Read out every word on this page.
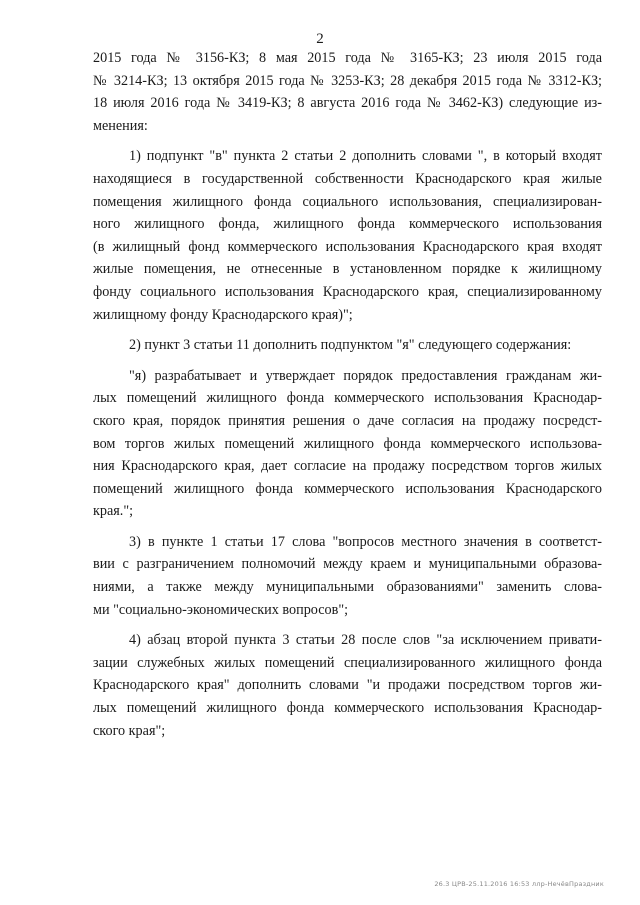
2
2015 года № 3156-КЗ; 8 мая 2015 года № 3165-КЗ; 23 июля 2015 года
№ 3214-КЗ; 13 октября 2015 года № 3253-КЗ; 28 декабря 2015 года № 3312-КЗ;
18 июля 2016 года № 3419-КЗ; 8 августа 2016 года № 3462-КЗ) следующие из-
менения:
1) подпункт "в" пункта 2 статьи 2 дополнить словами ", в который входят
находящиеся в государственной собственности Краснодарского края жилые
помещения жилищного фонда социального использования, специализирован-
ного жилищного фонда, жилищного фонда коммерческого использования
(в жилищный фонд коммерческого использования Краснодарского края входят
жилые помещения, не отнесенные в установленном порядке к жилищному
фонду социального использования Краснодарского края, специализированному
жилищному фонду Краснодарского края)";
2) пункт 3 статьи 11 дополнить подпунктом "я" следующего содержания:
"я) разрабатывает и утверждает порядок предоставления гражданам жи-
лых помещений жилищного фонда коммерческого использования Краснодар-
ского края, порядок принятия решения о даче согласия на продажу посредст-
вом торгов жилых помещений жилищного фонда коммерческого использова-
ния Краснодарского края, дает согласие на продажу посредством торгов жилых
помещений жилищного фонда коммерческого использования Краснодарского
края.";
3) в пункте 1 статьи 17 слова "вопросов местного значения в соответст-
вии с разграничением полномочий между краем и муниципальными образова-
ниями, а также между муниципальными образованиями" заменить слова-
ми "социально-экономических вопросов";
4) абзац второй пункта 3 статьи 28 после слов "за исключением привати-
зации служебных жилых помещений специализированного жилищного фонда
Краснодарского края" дополнить словами "и продажи посредством торгов жи-
лых помещений жилищного фонда коммерческого использования Краснодар-
ского края";
26.3 ЦРВ-25.11.2016 16:53 ллр-НечёвПраздник
